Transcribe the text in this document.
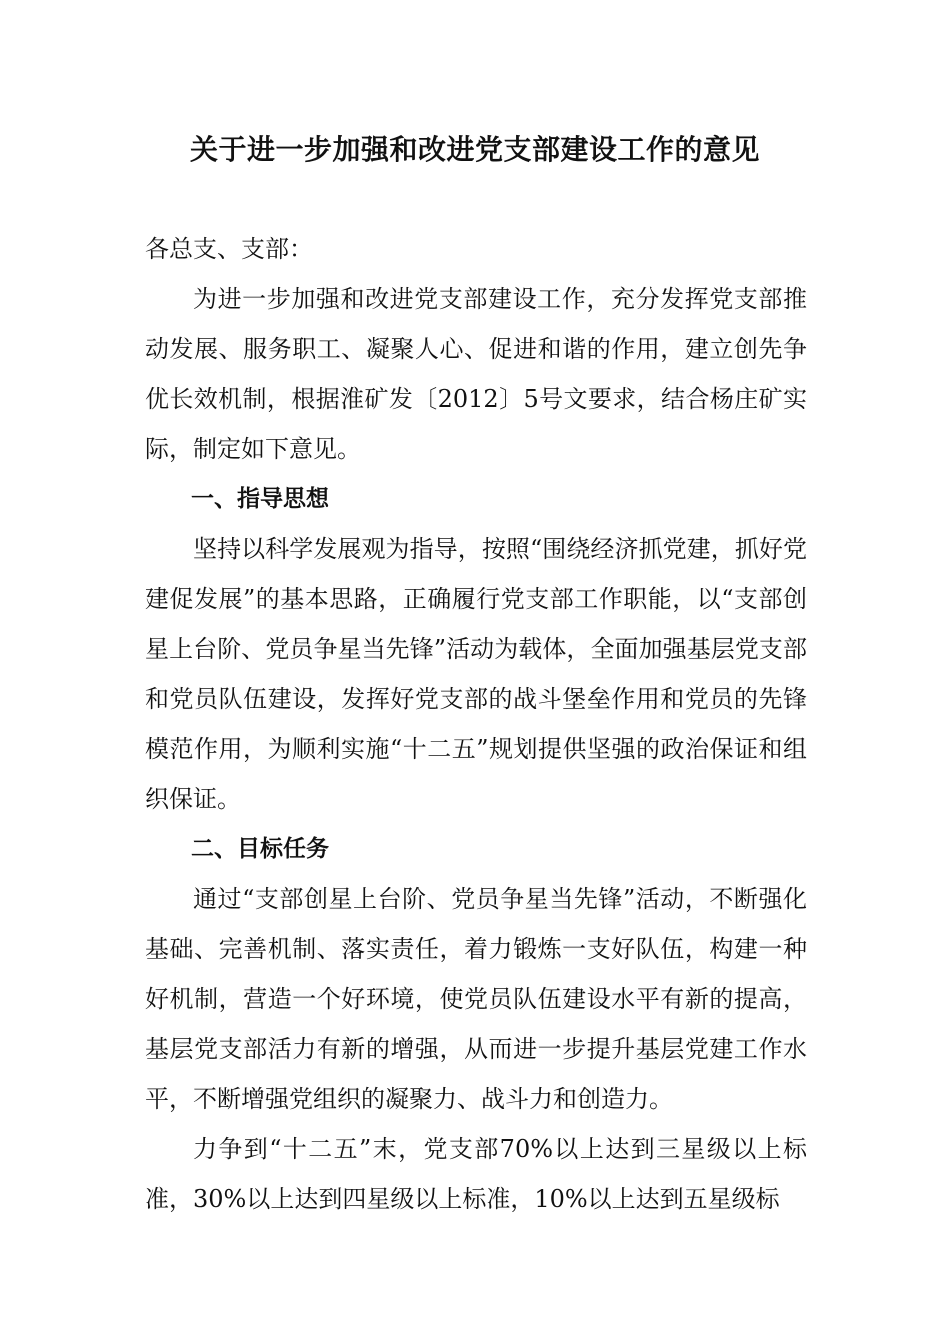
关于进一步加强和改进党支部建设工作的意见

各总支、支部：

为进一步加强和改进党支部建设工作，充分发挥党支部推动发展、服务职工、凝聚人心、促进和谐的作用，建立创先争优长效机制，根据淮矿发〔2012〕5号文要求，结合杨庄矿实际，制定如下意见。

一、指导思想

坚持以科学发展观为指导，按照“围绕经济抓党建，抓好党建促发展”的基本思路，正确履行党支部工作职能，以“支部创星上台阶、党员争星当先锋”活动为载体，全面加强基层党支部和党员队伍建设，发挥好党支部的战斗堡垒作用和党员的先锋模范作用，为顺利实施“十二五”规划提供坚强的政治保证和组织保证。

二、目标任务

通过“支部创星上台阶、党员争星当先锋”活动，不断强化基础、完善机制、落实责任，着力锻炼一支好队伍，构建一种好机制，营造一个好环境，使党员队伍建设水平有新的提高，基层党支部活力有新的增强，从而进一步提升基层党建工作水平，不断增强党组织的凝聚力、战斗力和创造力。

力争到“十二五”末，党支部70%以上达到三星级以上标准，30%以上达到四星级以上标准，10%以上达到五星级标
